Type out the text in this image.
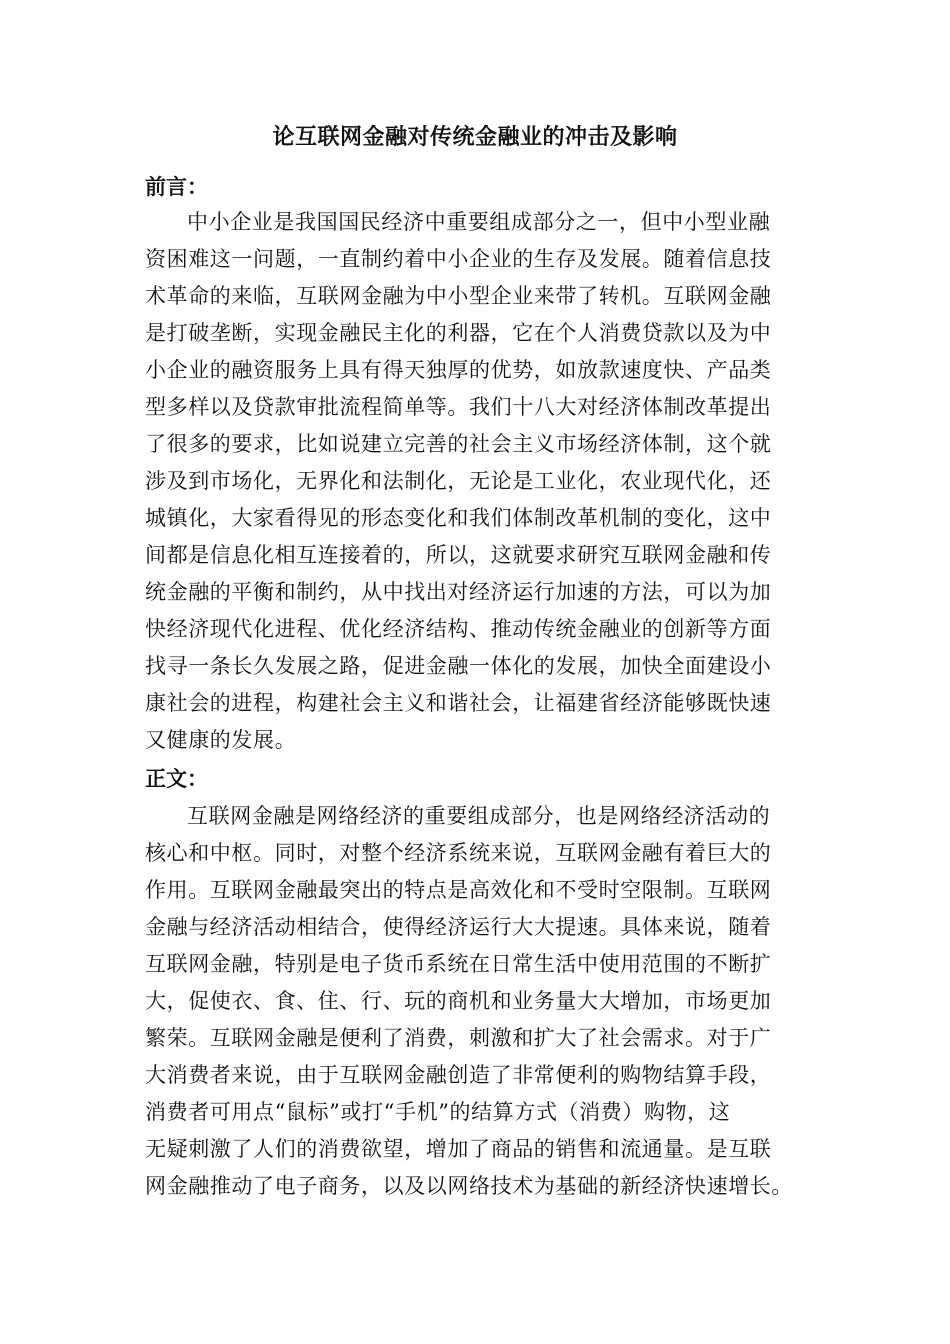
论互联网金融对传统金融业的冲击及影响
前言：
中小企业是我国国民经济中重要组成部分之一，但中小型业融
资困难这一问题，一直制约着中小企业的生存及发展。随着信息技
术革命的来临，互联网金融为中小型企业来带了转机。互联网金融
是打破垄断，实现金融民主化的利器，它在个人消费贷款以及为中
小企业的融资服务上具有得天独厚的优势，如放款速度快、产品类
型多样以及贷款审批流程简单等。我们十八大对经济体制改革提出
了很多的要求，比如说建立完善的社会主义市场经济体制，这个就
涉及到市场化，无界化和法制化，无论是工业化，农业现代化，还
城镇化，大家看得见的形态变化和我们体制改革机制的变化，这中
间都是信息化相互连接着的，所以，这就要求研究互联网金融和传
统金融的平衡和制约，从中找出对经济运行加速的方法，可以为加
快经济现代化进程、优化经济结构、推动传统金融业的创新等方面
找寻一条长久发展之路，促进金融一体化的发展，加快全面建设小
康社会的进程，构建社会主义和谐社会，让福建省经济能够既快速
又健康的发展。
正文：
互联网金融是网络经济的重要组成部分，也是网络经济活动的
核心和中枢。同时，对整个经济系统来说，互联网金融有着巨大的
作用。互联网金融最突出的特点是高效化和不受时空限制。互联网
金融与经济活动相结合，使得经济运行大大提速。具体来说，随着
互联网金融，特别是电子货币系统在日常生活中使用范围的不断扩
大，促使衣、食、住、行、玩的商机和业务量大大增加，市场更加
繁荣。互联网金融是便利了消费，刺激和扩大了社会需求。对于广
大消费者来说，由于互联网金融创造了非常便利的购物结算手段，
消费者可用点“鼠标”或打“手机”的结算方式（消费）购物，这
无疑刺激了人们的消费欲望，增加了商品的销售和流通量。是互联
网金融推动了电子商务，以及以网络技术为基础的新经济快速增长。
